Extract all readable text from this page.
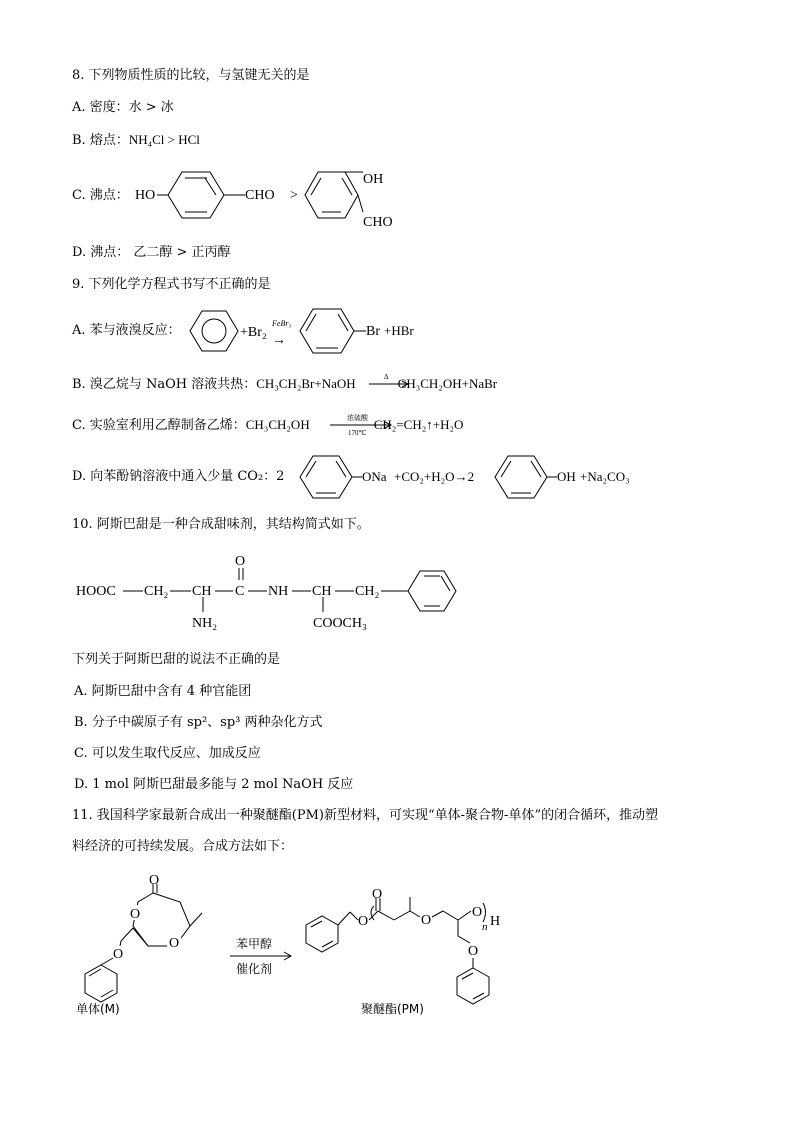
8. 下列物质性质的比较，与氢键无关的是
A. 密度：水 > 冰
B. 熔点：NH₄Cl > HCl
C. 沸点： HO	CHO >
OH
CHO
D. 沸点： 乙二醇 > 正丙醇
9. 下列化学方程式书写不正确的是
A. 苯与液溴反应：	+Br₂
FeBr₃
→
Br +HBr
B. 溴乙烷与 NaOH 溶液共热：CH₃CH₂Br+NaOH	CH₃CH₂OH+NaBr
Δ
C. 实验室利用乙醇制备乙烯：CH₃CH₂OH	CH₂=CH₂↑+H₂O
浓硫酸
170℃
D. 向苯酚钠溶液中通入少量 CO₂：2	ONa +CO₂+H₂O→2	OH +Na₂CO₃
10. 阿斯巴甜是一种合成甜味剂，其结构简式如下。
HOOC CH₂ CH
NH₂
C
O
NH CH
COOCH₃
CH₂
下列关于阿斯巴甜的说法不正确的是
A. 阿斯巴甜中含有 4 种官能团
B. 分子中碳原子有 sp²、sp³ 两种杂化方式
C. 可以发生取代反应、加成反应
D. 1 mol 阿斯巴甜最多能与 2 mol NaOH 反应
11. 我国科学家最新合成出一种聚醚酯(PM)新型材料，可实现“单体-聚合物-单体”的闭合循环，推动塑
料经济的可持续发展。合成方法如下：
O
O
O
O
单体(M)
苯甲醇
催化剂
O
O
O
O
n H
O
聚醚酯(PM)
